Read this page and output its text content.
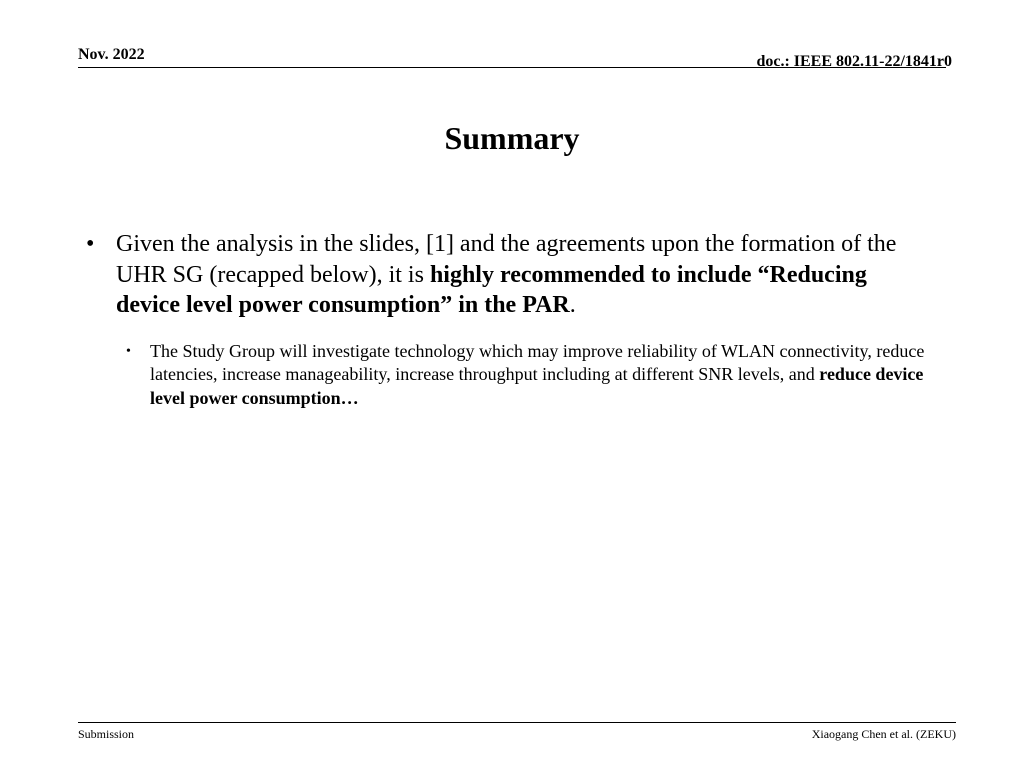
Nov. 2022	doc.: IEEE 802.11-22/1841r0
Summary
• Given the analysis in the slides, [1] and the agreements upon the formation of the UHR SG (recapped below), it is highly recommended to include “Reducing device level power consumption” in the PAR.
•	The Study Group will investigate technology which may improve reliability of WLAN connectivity, reduce latencies, increase manageability, increase throughput including at different SNR levels, and reduce device level power consumption…
Submission	Xiaogang Chen et al. (ZEKU)
